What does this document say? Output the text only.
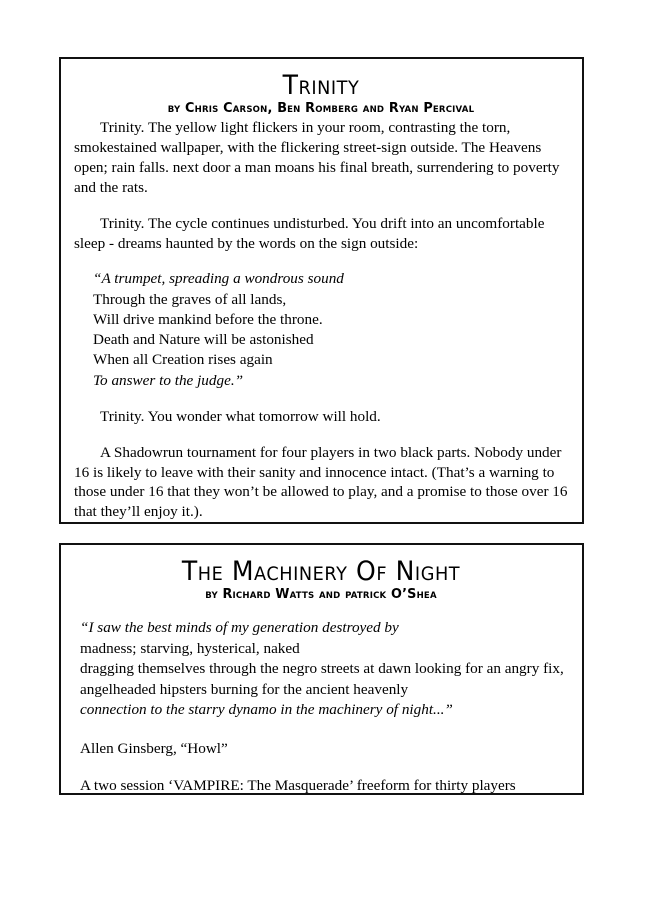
Trinity

by Chris Carson, Ben Romberg and Ryan Percival

Trinity. The yellow light flickers in your room, contrasting the torn, smokestained wallpaper, with the flickering street-sign outside. The Heavens open; rain falls. next door a man moans his final breath, surrendering to poverty and the rats.

Trinity. The cycle continues undisturbed. You drift into an uncomfortable sleep - dreams haunted by the words on the sign outside:

“A trumpet, spreading a wondrous sound
Through the graves of all lands,
Will drive mankind before the throne.
Death and Nature will be astonished
When all Creation rises again
To answer to the judge.”

Trinity. You wonder what tomorrow will hold.

A Shadowrun tournament for four players in two black parts. Nobody under 16 is likely to leave with their sanity and innocence intact. (That’s a warning to those under 16 that they won’t be allowed to play, and a promise to those over 16 that they’ll enjoy it.).

The Machinery Of Night

by Richard Watts and patrick O’Shea

“I saw the best minds of my generation destroyed by
madness; starving, hysterical, naked
dragging themselves through the negro streets at dawn looking for an angry fix,
angelheaded hipsters burning for the ancient heavenly
connection to the starry dynamo in the machinery of night...”

Allen Ginsberg, “Howl”

A two session ‘VAMPIRE: The Masquerade’ freeform for thirty players
